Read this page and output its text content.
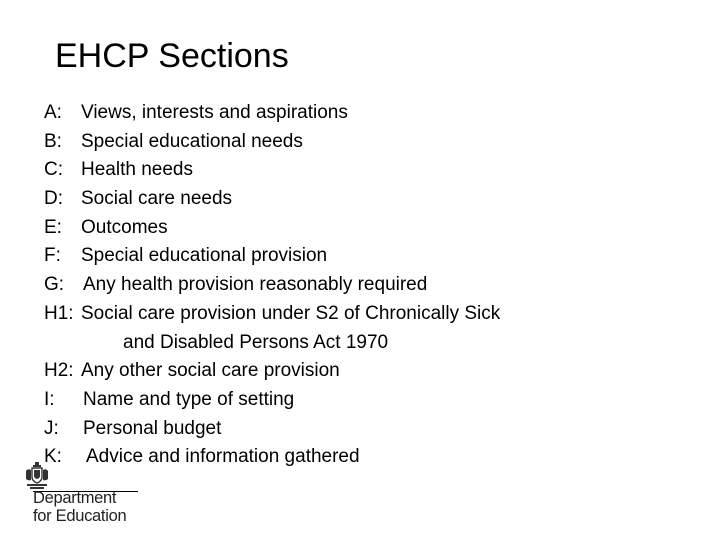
EHCP Sections
A: Views, interests and aspirations
B: Special educational needs
C: Health needs
D: Social care needs
E: Outcomes
F: Special educational provision
G: Any health provision reasonably required
H1: Social care provision under S2 of Chronically Sick
and Disabled Persons Act 1970
H2: Any other social care provision
I: Name and type of setting
J: Personal budget
K: Advice and information gathered
Department
for Education
